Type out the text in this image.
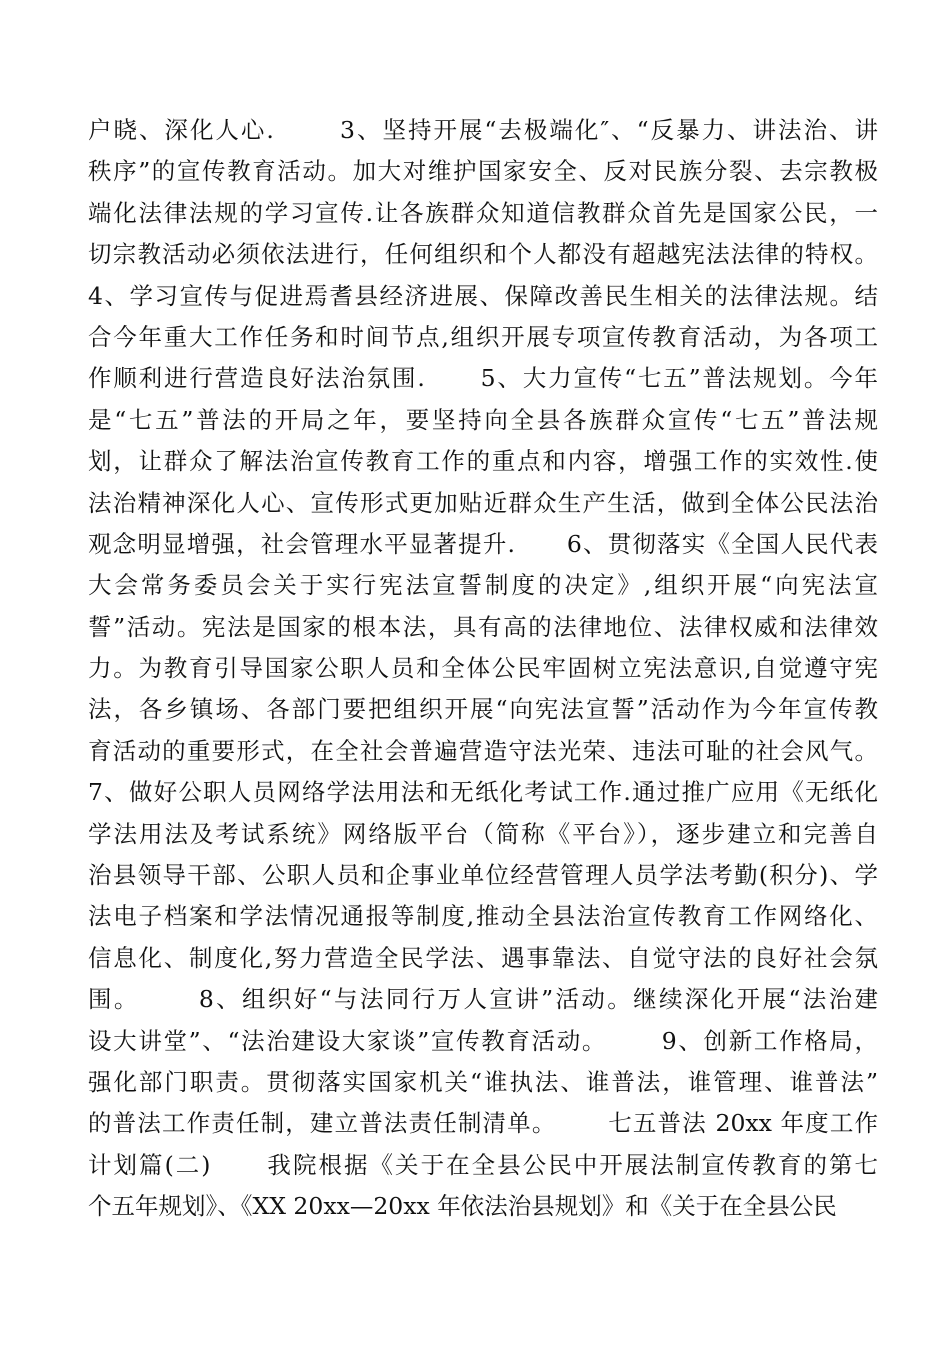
户晓、深化人心.       3、坚持开展“去极端化″、“反暴力、讲法治、讲
秩序”的宣传教育活动。加大对维护国家安全、反对民族分裂、去宗教极
端化法律法规的学习宣传.让各族群众知道信教群众首先是国家公民，一
切宗教活动必须依法进行，任何组织和个人都没有超越宪法法律的特权。
4、学习宣传与促进焉耆县经济进展、保障改善民生相关的法律法规。结
合今年重大工作任务和时间节点,组织开展专项宣传教育活动，为各项工
作顺利进行营造良好法治氛围.      5、大力宣传“七五”普法规划。今年
是“七五”普法的开局之年，要坚持向全县各族群众宣传“七五”普法规
划，让群众了解法治宣传教育工作的重点和内容，增强工作的实效性.使
法治精神深化人心、宣传形式更加贴近群众生产生活，做到全体公民法治
观念明显增强，社会管理水平显著提升.      6、贯彻落实《全国人民代表
大会常务委员会关于实行宪法宣誓制度的决定》,组织开展“向宪法宣
誓”活动。宪法是国家的根本法，具有高的法律地位、法律权威和法律效
力。为教育引导国家公职人员和全体公民牢固树立宪法意识,自觉遵守宪
法，各乡镇场、各部门要把组织开展“向宪法宣誓”活动作为今年宣传教
育活动的重要形式，在全社会普遍营造守法光荣、违法可耻的社会风气。
7、做好公职人员网络学法用法和无纸化考试工作.通过推广应用《无纸化
学法用法及考试系统》网络版平台（简称《平台》），逐步建立和完善自
治县领导干部、公职人员和企事业单位经营管理人员学法考勤(积分)、学
法电子档案和学法情况通报等制度,推动全县法治宣传教育工作网络化、
信息化、制度化,努力营造全民学法、遇事靠法、自觉守法的良好社会氛
围。      8、组织好“与法同行万人宣讲”活动。继续深化开展“法治建
设大讲堂”、“法治建设大家谈”宣传教育活动。      9、创新工作格局，
强化部门职责。贯彻落实国家机关“谁执法、谁普法，谁管理、谁普法”
的普法工作责任制，建立普法责任制清单。      七五普法 20xx 年度工作
计划篇(二)      我院根据《关于在全县公民中开展法制宣传教育的第七
个五年规划》、《XX 20xx—20xx 年依法治县规划》和《关于在全县公民
